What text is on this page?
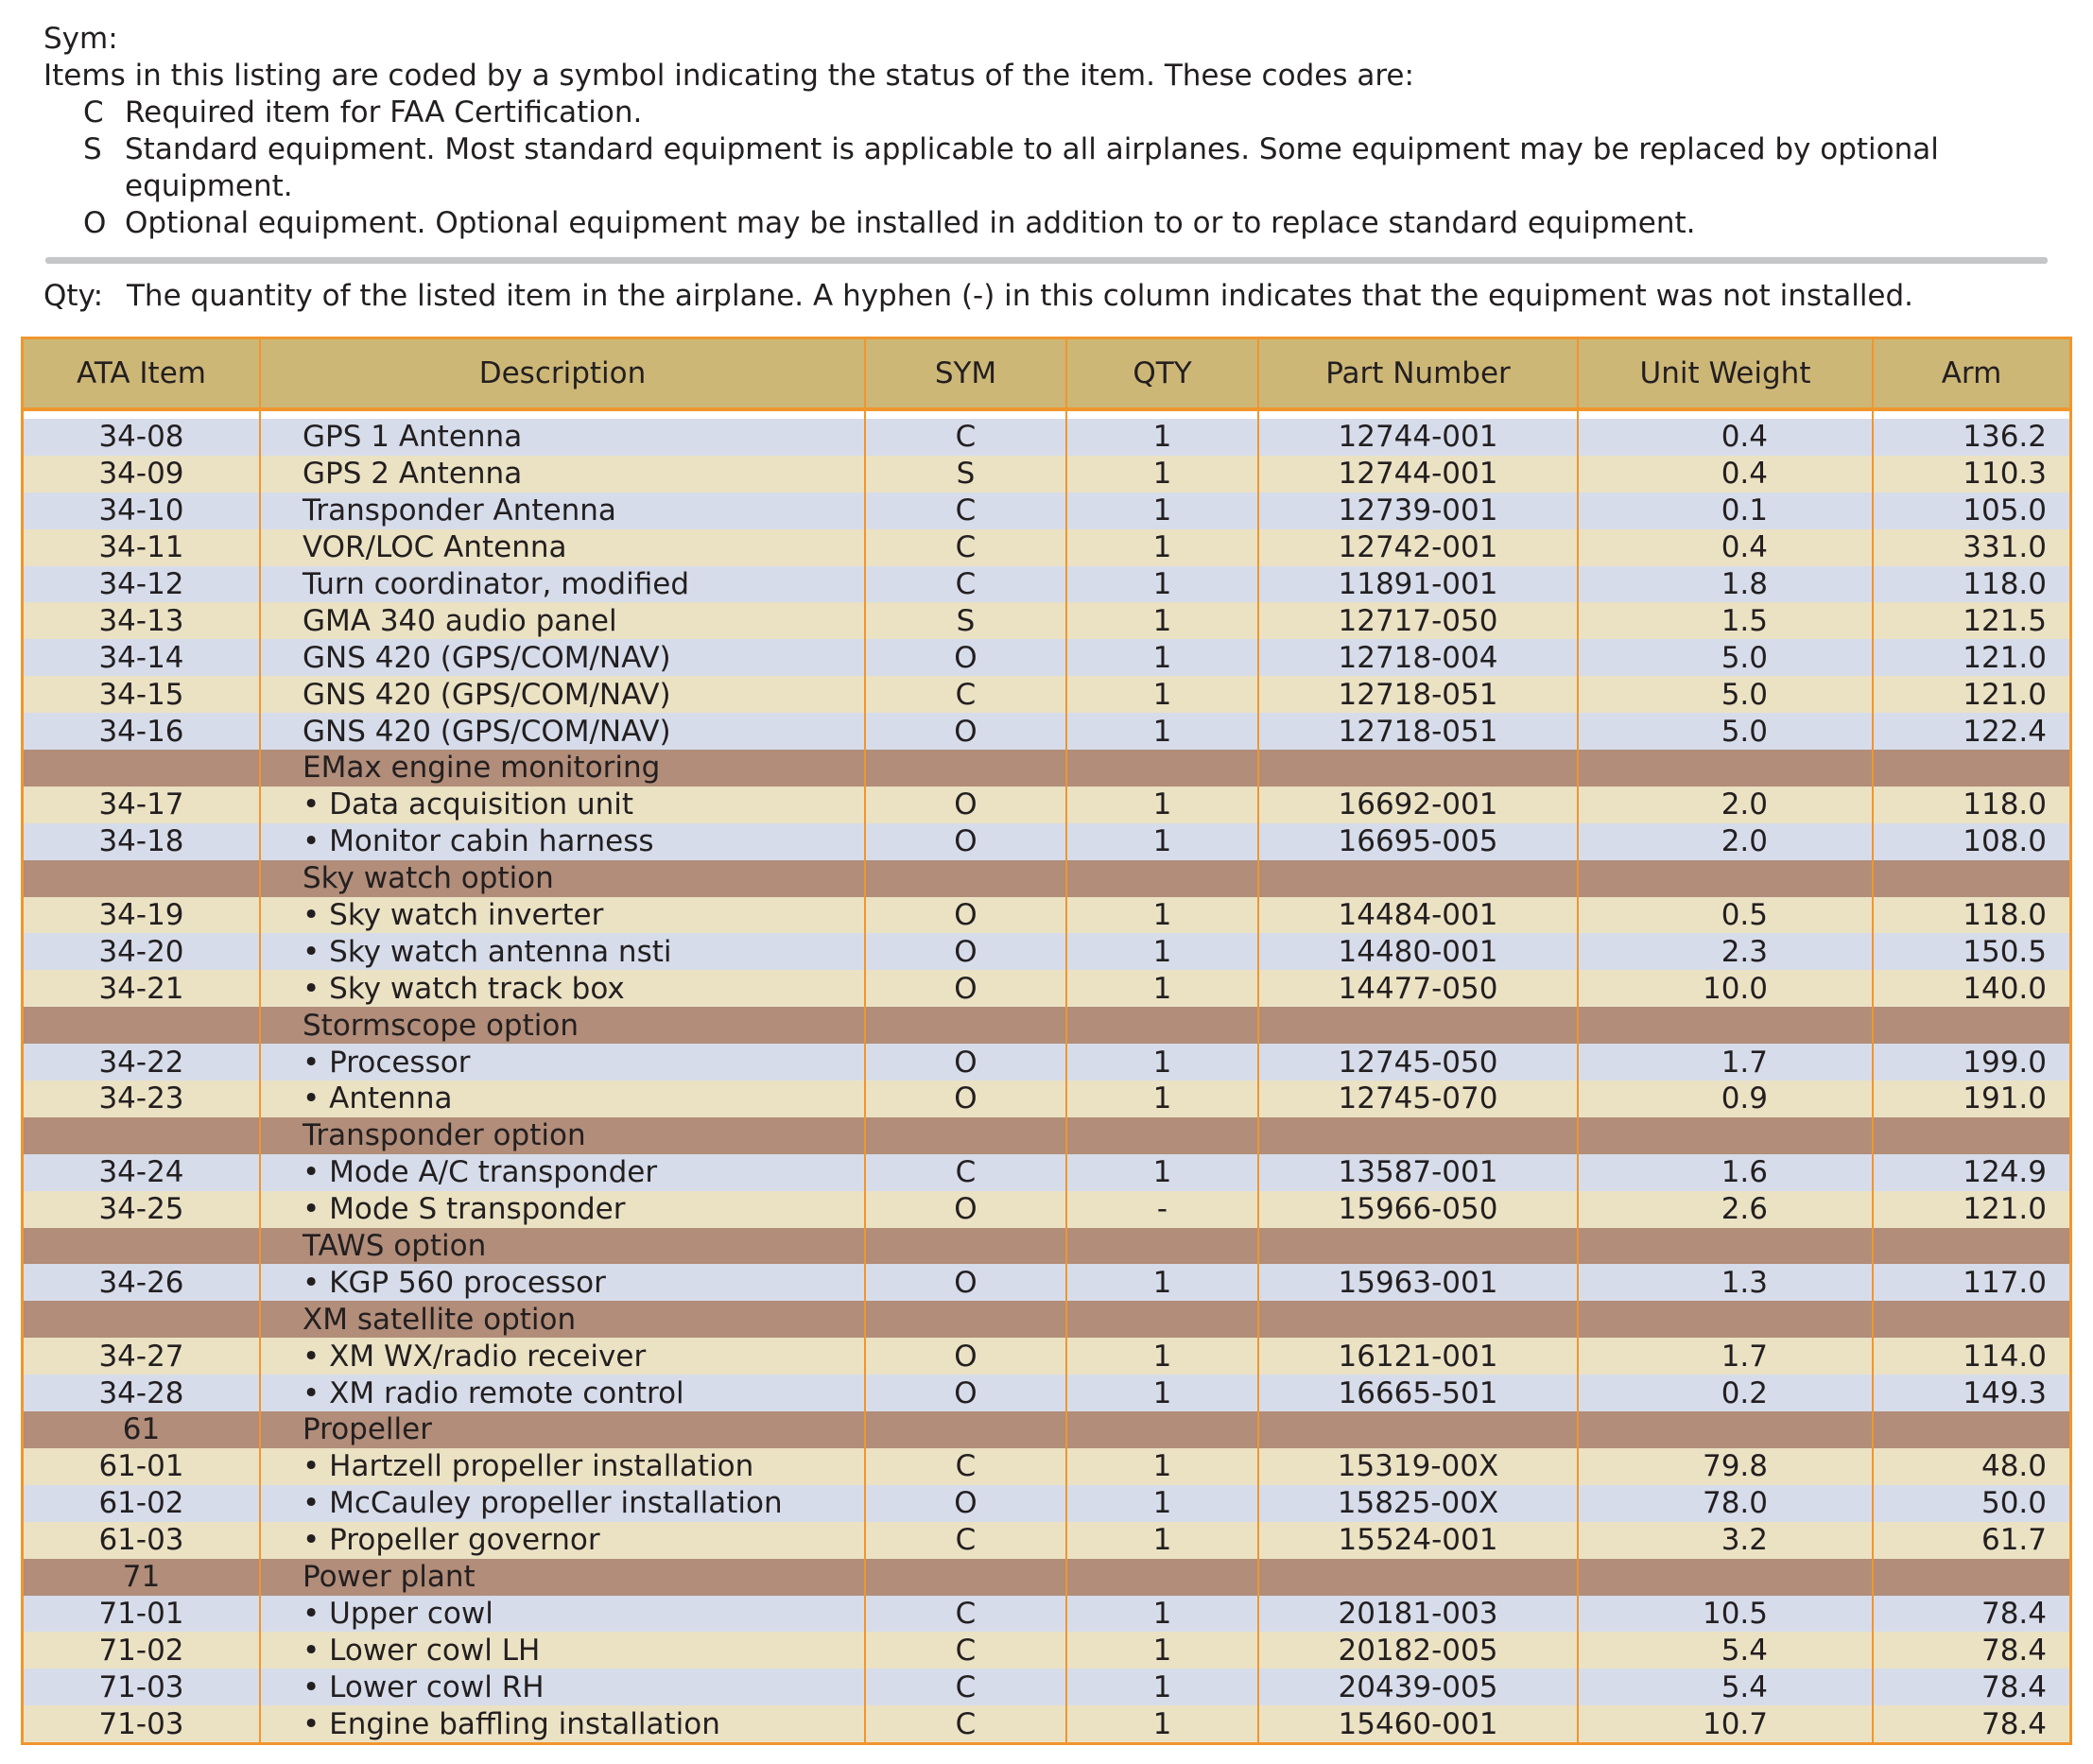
Sym:
Items in this listing are coded by a symbol indicating the status of the item. These codes are:
C Required item for FAA Certification.
S Standard equipment. Most standard equipment is applicable to all airplanes. Some equipment may be replaced by optional equipment.
O Optional equipment. Optional equipment may be installed in addition to or to replace standard equipment.
Qty: The quantity of the listed item in the airplane. A hyphen (-) in this column indicates that the equipment was not installed.
ATA Item	Description	SYM	QTY	Part Number	Unit Weight	Arm

34-08	GPS 1 Antenna	C	1	12744-001	0.4	136.2
34-09	GPS 2 Antenna	S	1	12744-001	0.4	110.3
34-10	Transponder Antenna	C	1	12739-001	0.1	105.0
34-11	VOR/LOC Antenna	C	1	12742-001	0.4	331.0
34-12	Turn coordinator, modified	C	1	11891-001	1.8	118.0
34-13	GMA 340 audio panel	S	1	12717-050	1.5	121.5
34-14	GNS 420 (GPS/COM/NAV)	O	1	12718-004	5.0	121.0
34-15	GNS 420 (GPS/COM/NAV)	C	1	12718-051	5.0	121.0
34-16	GNS 420 (GPS/COM/NAV)	O	1	12718-051	5.0	122.4
	EMax engine monitoring					
34-17	• Data acquisition unit	O	1	16692-001	2.0	118.0
34-18	• Monitor cabin harness	O	1	16695-005	2.0	108.0
	Sky watch option					
34-19	• Sky watch inverter	O	1	14484-001	0.5	118.0
34-20	• Sky watch antenna nsti	O	1	14480-001	2.3	150.5
34-21	• Sky watch track box	O	1	14477-050	10.0	140.0
	Stormscope option					
34-22	• Processor	O	1	12745-050	1.7	199.0
34-23	• Antenna	O	1	12745-070	0.9	191.0
	Transponder option					
34-24	• Mode A/C transponder	C	1	13587-001	1.6	124.9
34-25	• Mode S transponder	O	-	15966-050	2.6	121.0
	TAWS option					
34-26	• KGP 560 processor	O	1	15963-001	1.3	117.0
	XM satellite option					
34-27	• XM WX/radio receiver	O	1	16121-001	1.7	114.0
34-28	• XM radio remote control	O	1	16665-501	0.2	149.3
61	Propeller					
61-01	• Hartzell propeller installation	C	1	15319-00X	79.8	48.0
61-02	• McCauley propeller installation	O	1	15825-00X	78.0	50.0
61-03	• Propeller governor	C	1	15524-001	3.2	61.7
71	Power plant					
71-01	• Upper cowl	C	1	20181-003	10.5	78.4
71-02	• Lower cowl LH	C	1	20182-005	5.4	78.4
71-03	• Lower cowl RH	C	1	20439-005	5.4	78.4
71-03	• Engine baffling installation	C	1	15460-001	10.7	78.4
